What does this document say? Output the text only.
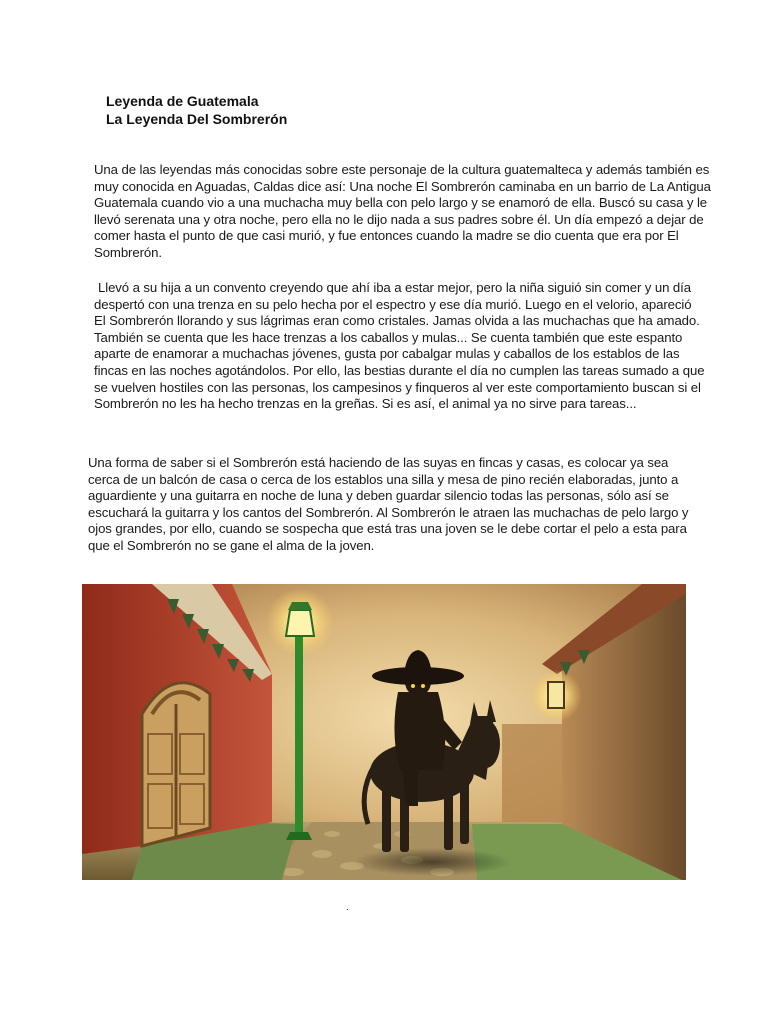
Leyenda de Guatemala
La Leyenda Del Sombrerón

Una de las leyendas más conocidas sobre este personaje de la cultura guatemalteca y además también es muy conocida en Aguadas, Caldas dice así: Una noche El Sombrerón caminaba en un barrio de La Antigua Guatemala cuando vio a una muchacha muy bella con pelo largo y se enamoró de ella. Buscó su casa y le llevó serenata una y otra noche, pero ella no le dijo nada a sus padres sobre él. Un día empezó a dejar de comer hasta el punto de que casi murió, y fue entonces cuando la madre se dio cuenta que era por El Sombrerón.

Llevó a su hija a un convento creyendo que ahí iba a estar mejor, pero la niña siguió sin comer y un día despertó con una trenza en su pelo hecha por el espectro y ese día murió. Luego en el velorio, apareció El Sombrerón llorando y sus lágrimas eran como cristales. Jamas olvida a las muchachas que ha amado. También se cuenta que les hace trenzas a los caballos y mulas... Se cuenta también que este espanto aparte de enamorar a muchachas jóvenes, gusta por cabalgar mulas y caballos de los establos de las fincas en las noches agotándolos. Por ello, las bestias durante el día no cumplen las tareas sumado a que se vuelven hostiles con las personas, los campesinos y finqueros al ver este comportamiento buscan si el Sombrerón no les ha hecho trenzas en la greñas. Si es así, el animal ya no sirve para tareas...

Una forma de saber si el Sombrerón está haciendo de las suyas en fincas y casas, es colocar ya sea cerca de un balcón de casa o cerca de los establos una silla y mesa de pino recién elaboradas, junto a aguardiente y una guitarra en noche de luna y deben guardar silencio todas las personas, sólo así se escuchará la guitarra y los cantos del Sombrerón. Al Sombrerón le atraen las muchachas de pelo largo y ojos grandes, por ello, cuando se sospecha que está tras una joven se le debe cortar el pelo a esta para que el Sombrerón no se gane el alma de la joven.

.
